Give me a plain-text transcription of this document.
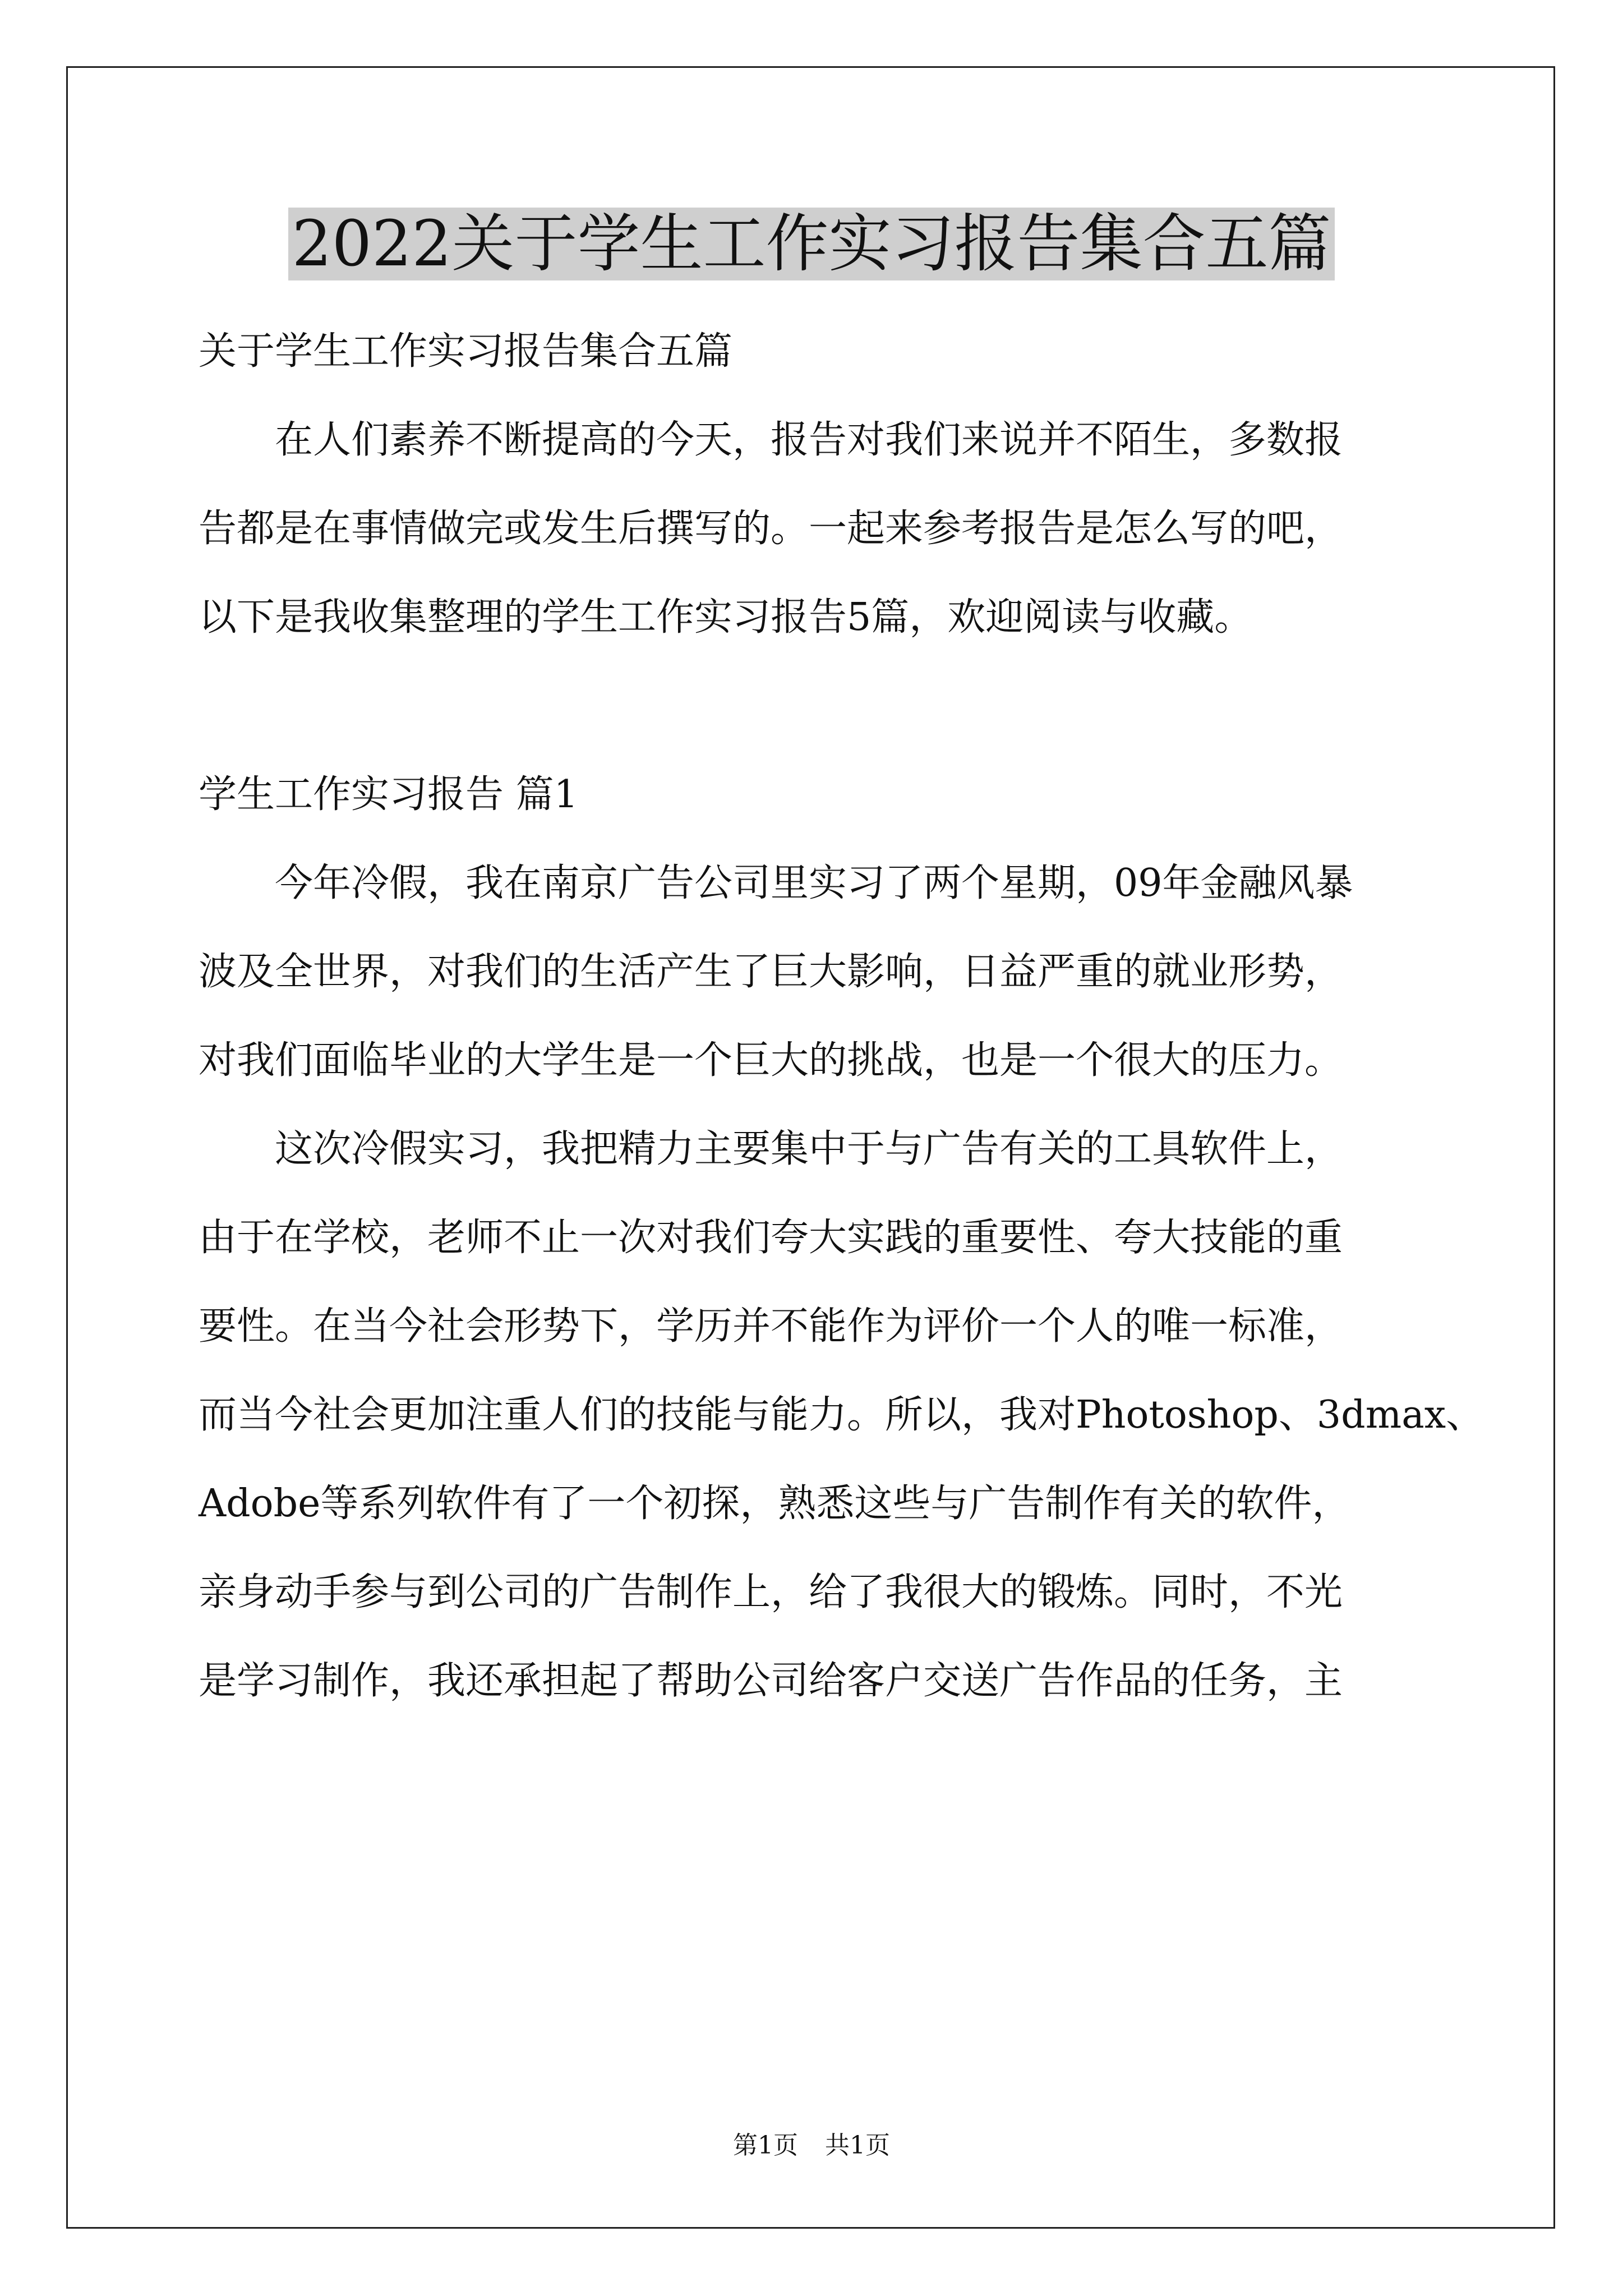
2022关于学生工作实习报告集合五篇

关于学生工作实习报告集合五篇

　　在人们素养不断提高的今天，报告对我们来说并不陌生，多数报

告都是在事情做完或发生后撰写的。一起来参考报告是怎么写的吧，

以下是我收集整理的学生工作实习报告5篇，欢迎阅读与收藏。

学生工作实习报告 篇1

　　今年冷假，我在南京广告公司里实习了两个星期，09年金融风暴

波及全世界，对我们的生活产生了巨大影响，日益严重的就业形势，

对我们面临毕业的大学生是一个巨大的挑战，也是一个很大的压力。

　　这次冷假实习，我把精力主要集中于与广告有关的工具软件上，

由于在学校，老师不止一次对我们夸大实践的重要性、夸大技能的重

要性。在当今社会形势下，学历并不能作为评价一个人的唯一标准，

而当今社会更加注重人们的技能与能力。所以，我对Photoshop、3dmax、

Adobe等系列软件有了一个初探，熟悉这些与广告制作有关的软件，

亲身动手参与到公司的广告制作上，给了我很大的锻炼。同时，不光

是学习制作，我还承担起了帮助公司给客户交送广告作品的任务，主

第1页 共1页
